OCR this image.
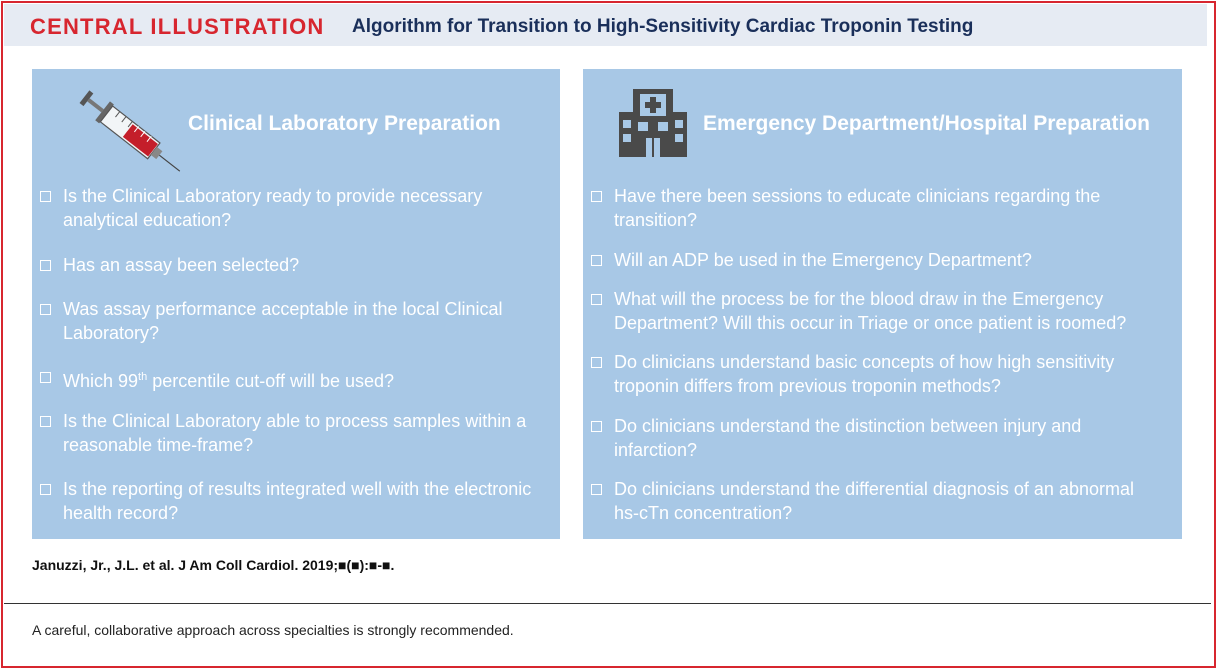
CENTRAL ILLUSTRATION Algorithm for Transition to High-Sensitivity Cardiac Troponin Testing
Clinical Laboratory Preparation
Is the Clinical Laboratory ready to provide necessary analytical education?
Has an assay been selected?
Was assay performance acceptable in the local Clinical Laboratory?
Which 99th percentile cut-off will be used?
Is the Clinical Laboratory able to process samples within a reasonable time-frame?
Is the reporting of results integrated well with the electronic health record?
Emergency Department/Hospital Preparation
Have there been sessions to educate clinicians regarding the transition?
Will an ADP be used in the Emergency Department?
What will the process be for the blood draw in the Emergency Department? Will this occur in Triage or once patient is roomed?
Do clinicians understand basic concepts of how high sensitivity troponin differs from previous troponin methods?
Do clinicians understand the distinction between injury and infarction?
Do clinicians understand the differential diagnosis of an abnormal hs-cTn concentration?
Januzzi, Jr., J.L. et al. J Am Coll Cardiol. 2019;■(■):■-■.
A careful, collaborative approach across specialties is strongly recommended.
